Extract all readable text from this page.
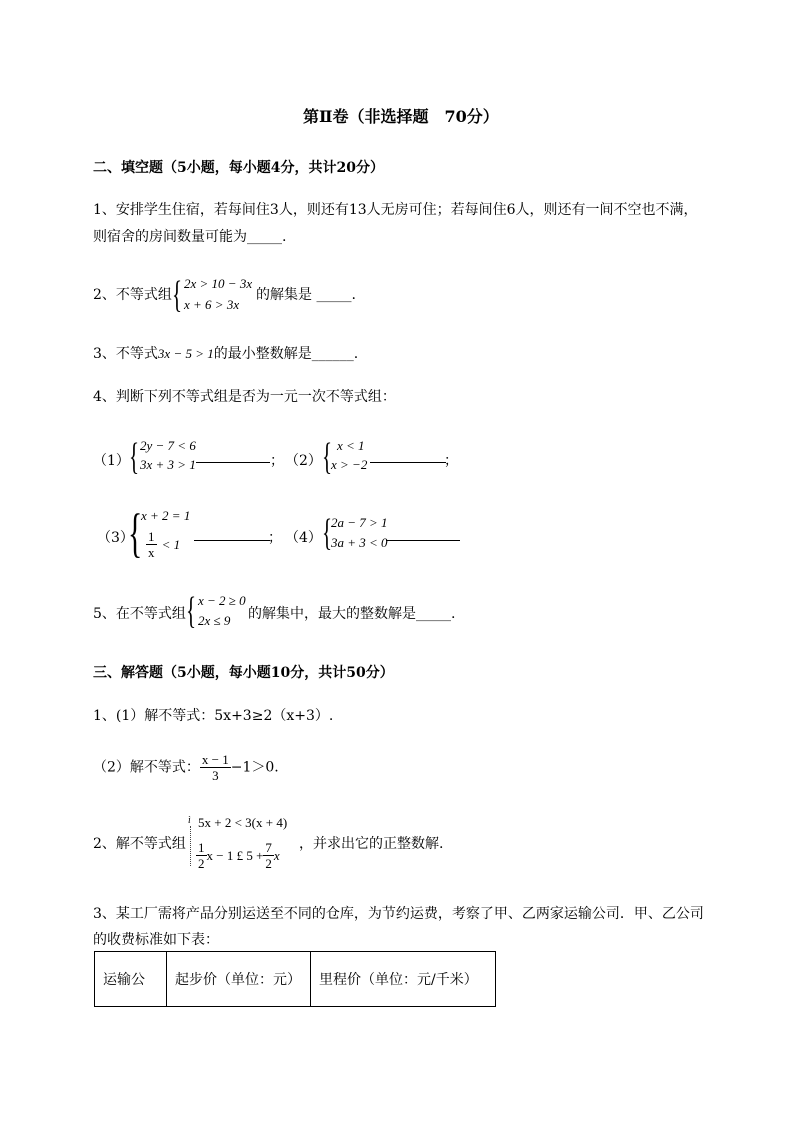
第Ⅱ卷（非选择题　70分）
二、填空题（5小题，每小题4分，共计20分）
1、安排学生住宿，若每间住3人，则还有13人无房可住；若每间住6人，则还有一间不空也不满，
则宿舍的房间数量可能为_____.
2、不等式组 { 2x > 10 − 3x
x + 6 > 3x
的解集是 _____.
3、不等式3x − 5 > 1的最小整数解是______.
4、判断下列不等式组是否为一元一次不等式组：
（1） { 2y − 7 < 6
3x + 3 > 1	； （2） { x < 1
x > −2	；
（3）
{
x + 2 = 1
$\frac{1}{x} < 1$	； （4） {
2a − 7 > 1
3a + 3 < 0
5、在不等式组 { x − 2 ≥ 0
2x ≤ 9 的解集中，最大的整数解是_____.
三、解答题（5小题，每小题10分，共计50分）
1、(1）解不等式：5x+3≥2（x+3）.
（2）解不等式： $\frac{x - 1}{3} -1>0$.
2、解不等式组
ì 5x + 2 < 3(x + 4)
$\frac{1}{2}$ x − 1 £ $5 + \frac{7}{2}$ x
，并求出它的正整数解.
3、某工厂需将产品分别运送至不同的仓库，为节约运费，考察了甲、乙两家运输公司．甲、乙公司
的收费标准如下表：
运输公	起步价（单位：元）	里程价（单位：元/千米）
